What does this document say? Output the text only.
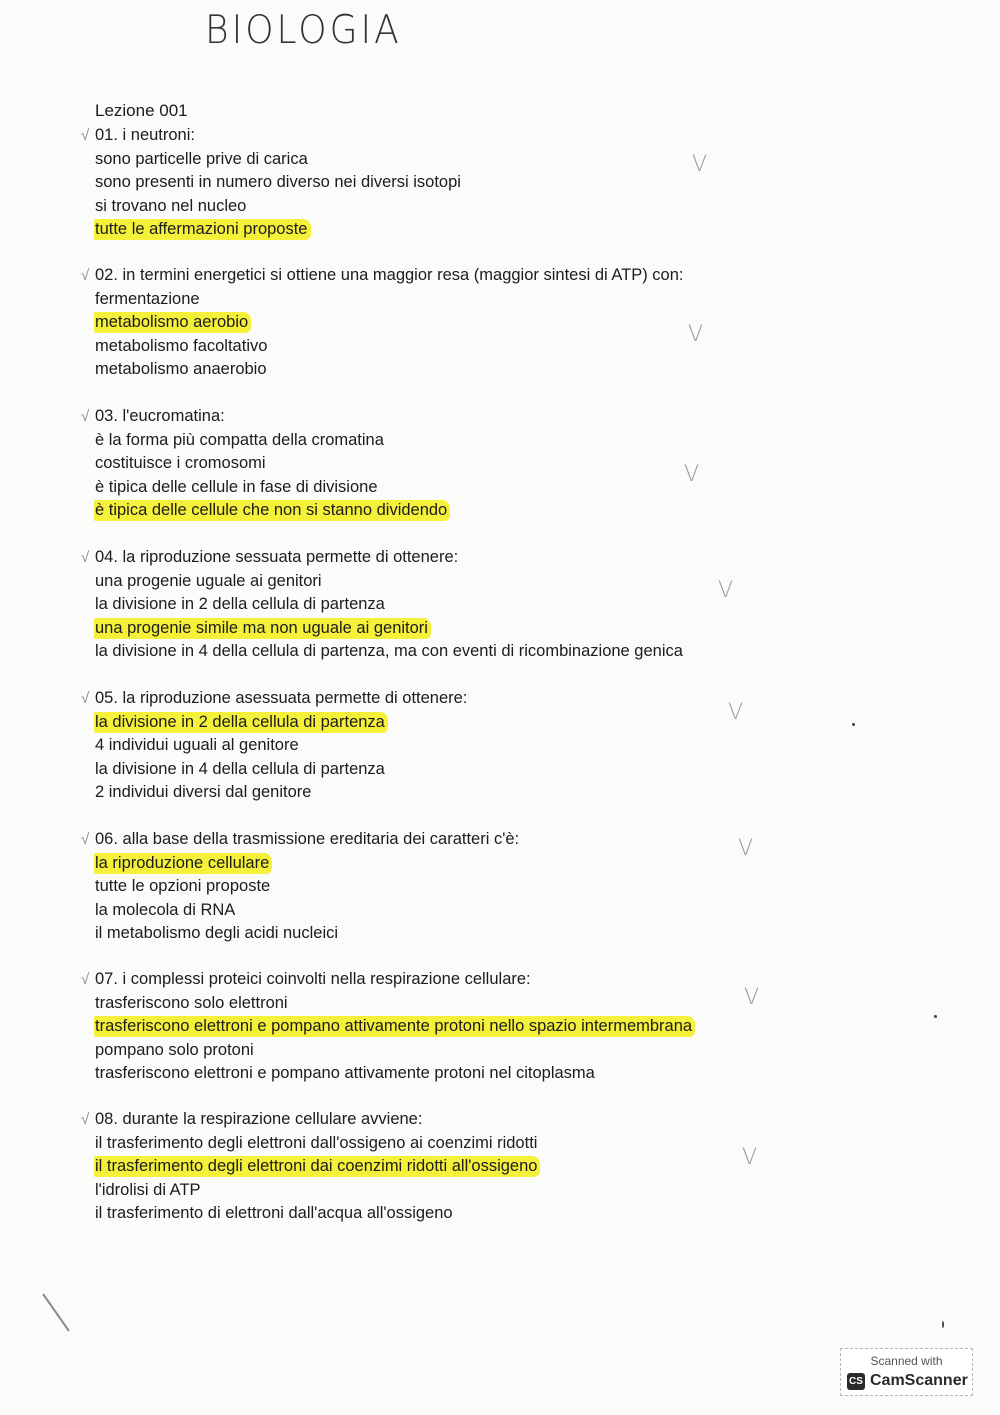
BIOLOGIA
Lezione 001
√ 01. i neutroni:
sono particelle prive di carica
sono presenti in numero diverso nei diversi isotopi
si trovano nel nucleo
tutte le affermazioni proposte
√ 02. in termini energetici si ottiene una maggior resa (maggior sintesi di ATP) con:
fermentazione
metabolismo aerobio
metabolismo facoltativo
metabolismo anaerobio
√ 03. l'eucromatina:
è la forma più compatta della cromatina
costituisce i cromosomi
è tipica delle cellule in fase di divisione
è tipica delle cellule che non si stanno dividendo
√ 04. la riproduzione sessuata permette di ottenere:
una progenie uguale ai genitori
la divisione in 2 della cellula di partenza
una progenie simile ma non uguale ai genitori
la divisione in 4 della cellula di partenza, ma con eventi di ricombinazione genica
√ 05. la riproduzione asessuata permette di ottenere:
la divisione in 2 della cellula di partenza
4 individui uguali al genitore
la divisione in 4 della cellula di partenza
2 individui diversi dal genitore
√ 06. alla base della trasmissione ereditaria dei caratteri c'è:
la riproduzione cellulare
tutte le opzioni proposte
la molecola di RNA
il metabolismo degli acidi nucleici
√ 07. i complessi proteici coinvolti nella respirazione cellulare:
trasferiscono solo elettroni
trasferiscono elettroni e pompano attivamente protoni nello spazio intermembrana
pompano solo protoni
trasferiscono elettroni e pompano attivamente protoni nel citoplasma
√ 08. durante la respirazione cellulare avviene:
il trasferimento degli elettroni dall'ossigeno ai coenzimi ridotti
il trasferimento degli elettroni dai coenzimi ridotti all'ossigeno
l'idrolisi di ATP
il trasferimento di elettroni dall'acqua all'ossigeno
Scanned with
CS CamScanner
V
V
V
V
V
V
V
V
